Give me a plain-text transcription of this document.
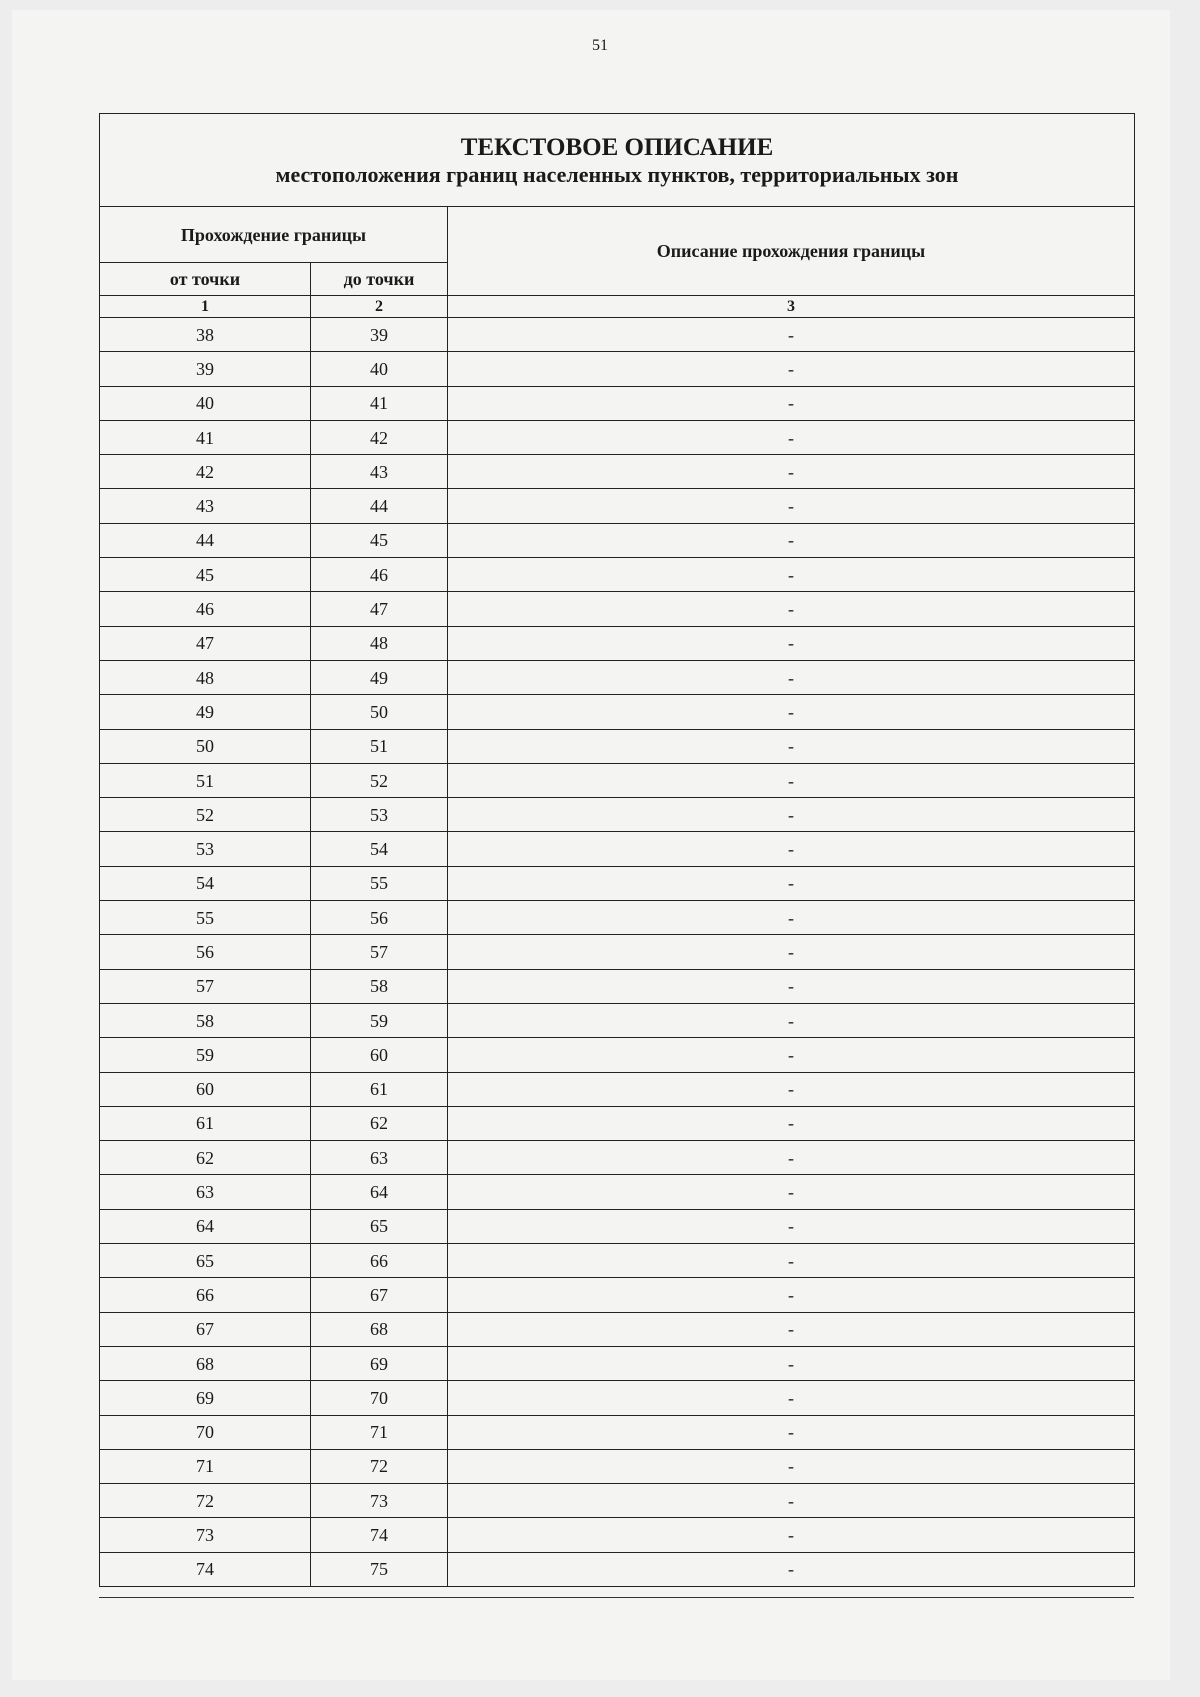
51
ТЕКСТОВОЕ ОПИСАНИЕ
местоположения границ населенных пунктов, территориальных зон		

Прохождение границы		Описание прохождения границы
от точки	до точки	
1	2	3
38	39	-
39	40	-
40	41	-
41	42	-
42	43	-
43	44	-
44	45	-
45	46	-
46	47	-
47	48	-
48	49	-
49	50	-
50	51	-
51	52	-
52	53	-
53	54	-
54	55	-
55	56	-
56	57	-
57	58	-
58	59	-
59	60	-
60	61	-
61	62	-
62	63	-
63	64	-
64	65	-
65	66	-
66	67	-
67	68	-
68	69	-
69	70	-
70	71	-
71	72	-
72	73	-
73	74	-
74	75	-
